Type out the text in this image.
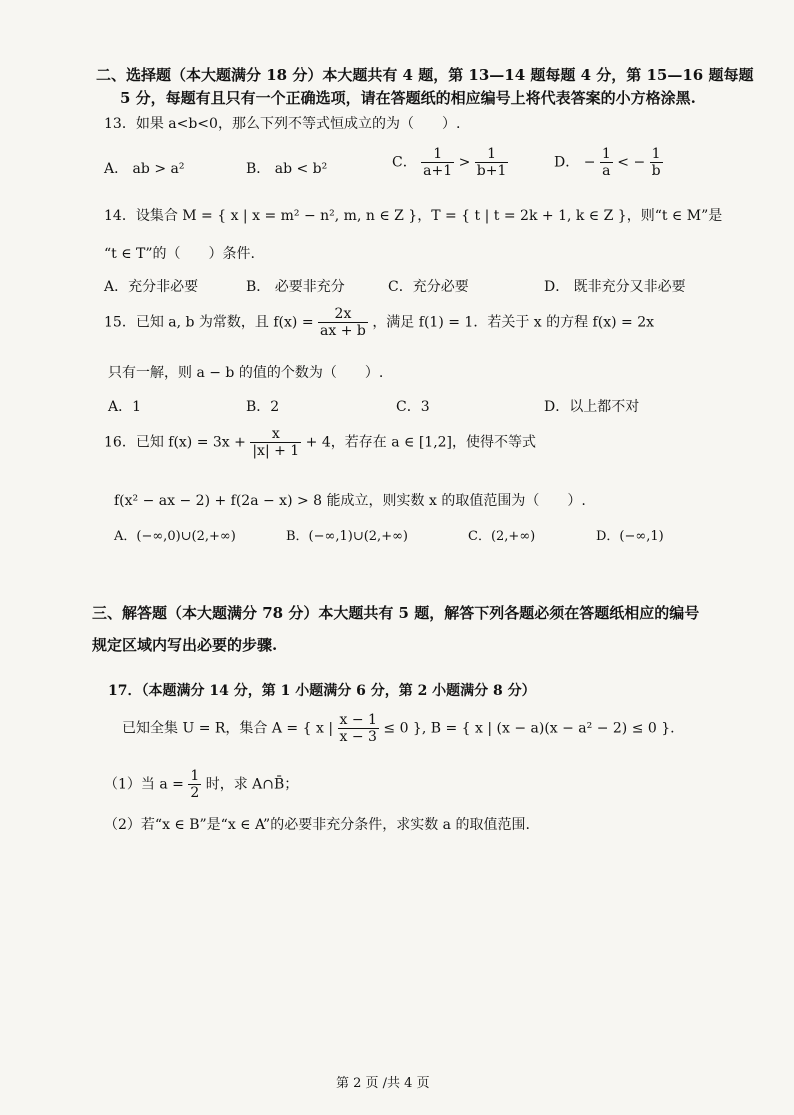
二、选择题（本大题满分 18 分）本大题共有 4 题，第 13—14 题每题 4 分，第 15—16 题每题
5 分，每题有且只有一个正确选项，请在答题纸的相应编号上将代表答案的小方格涂黑.
13．如果 a<b<0，那么下列不等式恒成立的为（　　）.
A． ab > a²	B． ab < b²	C． $\frac{1}{a+1} > \frac{1}{b+1}$	D． − $\frac{1}{a}$ < − $\frac{1}{b}$
14．设集合 M = { x | x = m² − n², m, n ∈ Z }，T = { t | t = 2k + 1, k ∈ Z }，则“t ∈ M”是
“t ∈ T”的（　　）条件.
A．充分非必要	B． 必要非充分	C．充分必要	D． 既非充分又非必要
15．已知 a, b 为常数，且 $f(x) = \frac{2x}{ax + b}$ ，满足 f(1) = 1．若关于 x 的方程 f(x) = 2x
只有一解，则 a − b 的值的个数为（　　）.
A．1	B．2	C．3	D．以上都不对
16．已知 $f(x) = 3x + \frac{x}{|x| + 1} + 4$，若存在 a ∈ [1,2]，使得不等式
f(x² − ax − 2) + f(2a − x) > 8 能成立，则实数 x 的取值范围为（　　）.
A．(−∞,0)∪(2,+∞)	B．(−∞,1)∪(2,+∞)	C．(2,+∞)	D．(−∞,1)
三、解答题（本大题满分 78 分）本大题共有 5 题，解答下列各题必须在答题纸相应的编号
规定区域内写出必要的步骤.
17．（本题满分 14 分，第 1 小题满分 6 分，第 2 小题满分 8 分）
已知全集 U = R，集合 A = { x | $\frac{x - 1}{x - 3} \le 0$ }, B = { x | (x − a)(x − a² − 2) ≤ 0 }.
（1）当 $a = \frac{1}{2}$ 时，求 A∩B̄；
（2）若“x ∈ B”是“x ∈ A”的必要非充分条件，求实数 a 的取值范围.
第 2 页 /共 4 页
